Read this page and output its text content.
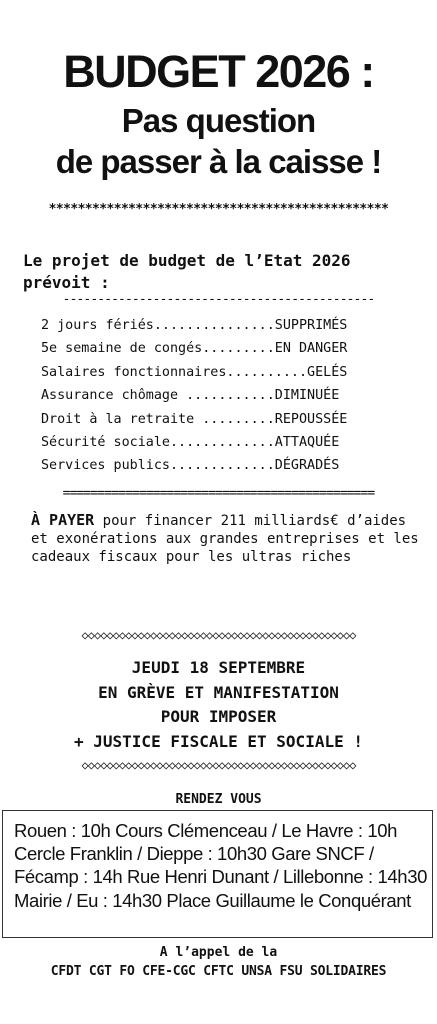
BUDGET 2026 :
Pas question
de passer à la caisse !
***********************************************
Le projet de budget de l’Etat 2026 prévoit :
---------------------------------------------
2 jours fériés...............SUPPRIMÉS
5e semaine de congés.........EN DANGER
Salaires fonctionnaires..........GELÉS
Assurance chômage ...........DIMINUÉE
Droit à la retraite .........REPOUSSÉE
Sécurité sociale.............ATTAQUÉE
Services publics.............DÉGRADÉS
=============================================
À PAYER pour financer 211 milliards€ d’aides et exonérations aux grandes entreprises et les cadeaux fiscaux pour les ultras riches
◇◇◇◇◇◇◇◇◇◇◇◇◇◇◇◇◇◇◇◇◇◇◇◇◇◇◇◇◇◇◇◇◇◇◇◇◇◇◇◇◇◇◇◇
JEUDI 18 SEPTEMBRE
EN GRÈVE ET MANIFESTATION
POUR IMPOSER
+ JUSTICE FISCALE ET SOCIALE !
◇◇◇◇◇◇◇◇◇◇◇◇◇◇◇◇◇◇◇◇◇◇◇◇◇◇◇◇◇◇◇◇◇◇◇◇◇◇◇◇◇◇◇◇
RENDEZ VOUS
Rouen : 10h Cours Clémenceau / Le Havre : 10h Cercle Franklin / Dieppe : 10h30 Gare SNCF / Fécamp : 14h Rue Henri Dunant / Lillebonne : 14h30 Mairie / Eu : 14h30 Place Guillaume le Conquérant
A l’appel de la
CFDT CGT FO CFE-CGC CFTC UNSA FSU SOLIDAIRES
